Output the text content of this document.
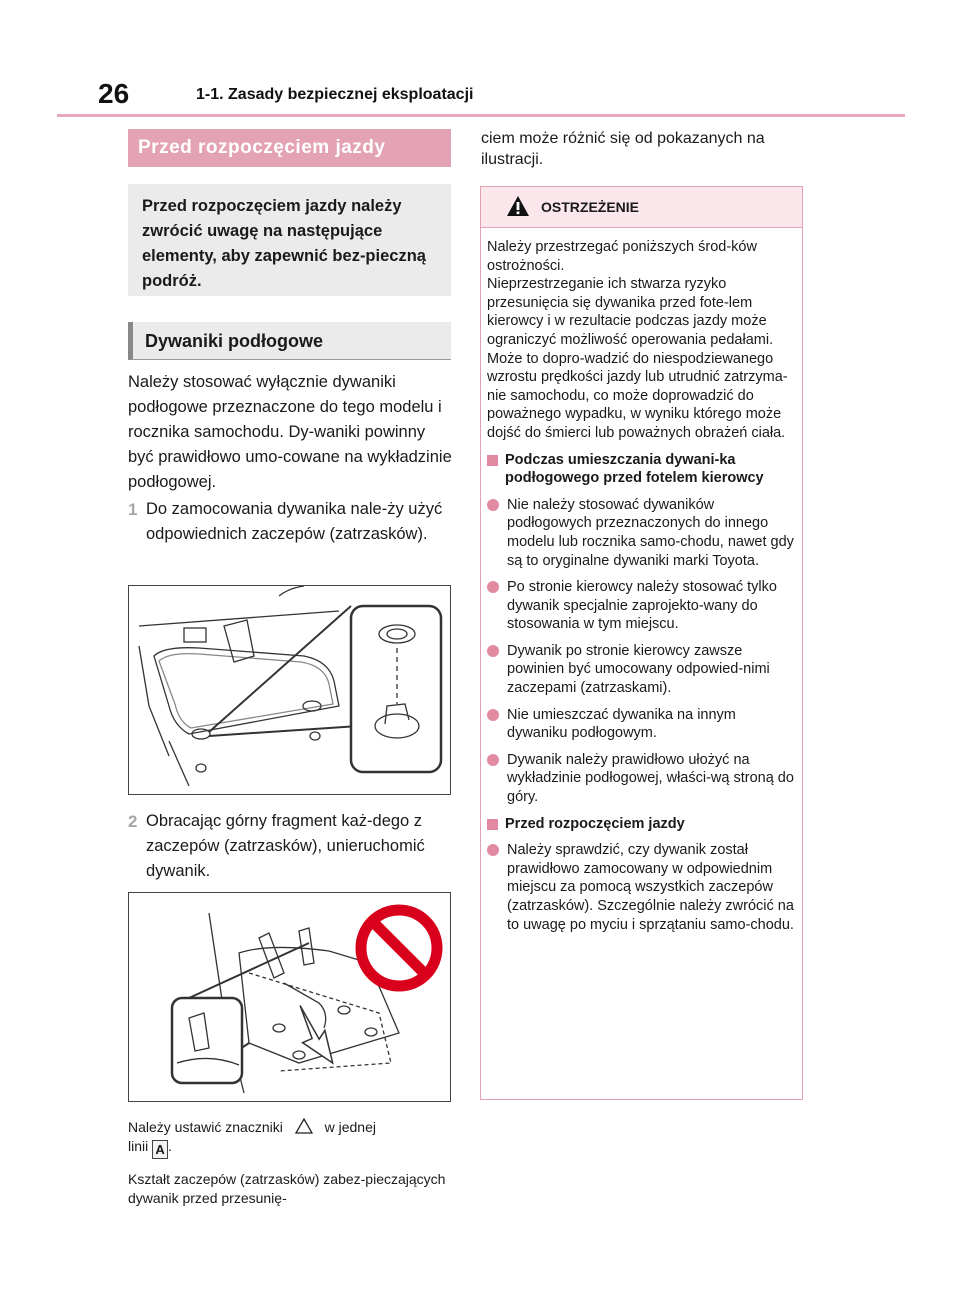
26	1-1. Zasady bezpiecznej eksploatacji
Przed rozpoczęciem jazdy
Przed rozpoczęciem jazdy należy zwrócić uwagę na następujące elementy, aby zapewnić bez-pieczną podróż.
Dywaniki podłogowe
Należy stosować wyłącznie dywaniki podłogowe przeznaczone do tego modelu i rocznika samochodu. Dy-waniki powinny być prawidłowo umo-cowane na wykładzinie podłogowej.
1 Do zamocowania dywanika nale-ży użyć odpowiednich zaczepów (zatrzasków).
2 Obracając górny fragment każ-dego z zaczepów (zatrzasków), unieruchomić dywanik.
Należy ustawić znaczniki	w jednej
linii A .
Kształt zaczepów (zatrzasków) zabez-pieczających dywanik przed przesunię-
ciem może różnić się od pokazanych na ilustracji.
OSTRZEŻENIE

Należy przestrzegać poniższych środ-ków ostrożności.

Nieprzestrzeganie ich stwarza ryzyko przesunięcia się dywanika przed fote-lem kierowcy i w rezultacie podczas jazdy może ograniczyć możliwość operowania pedałami. Może to dopro-wadzić do niespodziewanego wzrostu prędkości jazdy lub utrudnić zatrzyma-nie samochodu, co może doprowadzić do poważnego wypadku, w wyniku którego może dojść do śmierci lub poważnych obrażeń ciała.

Podczas umieszczania dywani-ka podłogowego przed fotelem kierowcy
Nie należy stosować dywaników podłogowych przeznaczonych do innego modelu lub rocznika samo-chodu, nawet gdy są to oryginalne dywaniki marki Toyota.
Po stronie kierowcy należy stosować tylko dywanik specjalnie zaprojekto-wany do stosowania w tym miejscu.
Dywanik po stronie kierowcy zawsze powinien być umocowany odpowied-nimi zaczepami (zatrzaskami).
Nie umieszczać dywanika na innym dywaniku podłogowym.
Dywanik należy prawidłowo ułożyć na wykładzinie podłogowej, właści-wą stroną do góry.
Przed rozpoczęciem jazdy
Należy sprawdzić, czy dywanik został prawidłowo zamocowany w odpowiednim miejscu za pomocą wszystkich zaczepów (zatrzasków). Szczególnie należy zwrócić na to uwagę po myciu i sprzątaniu samo-chodu.
